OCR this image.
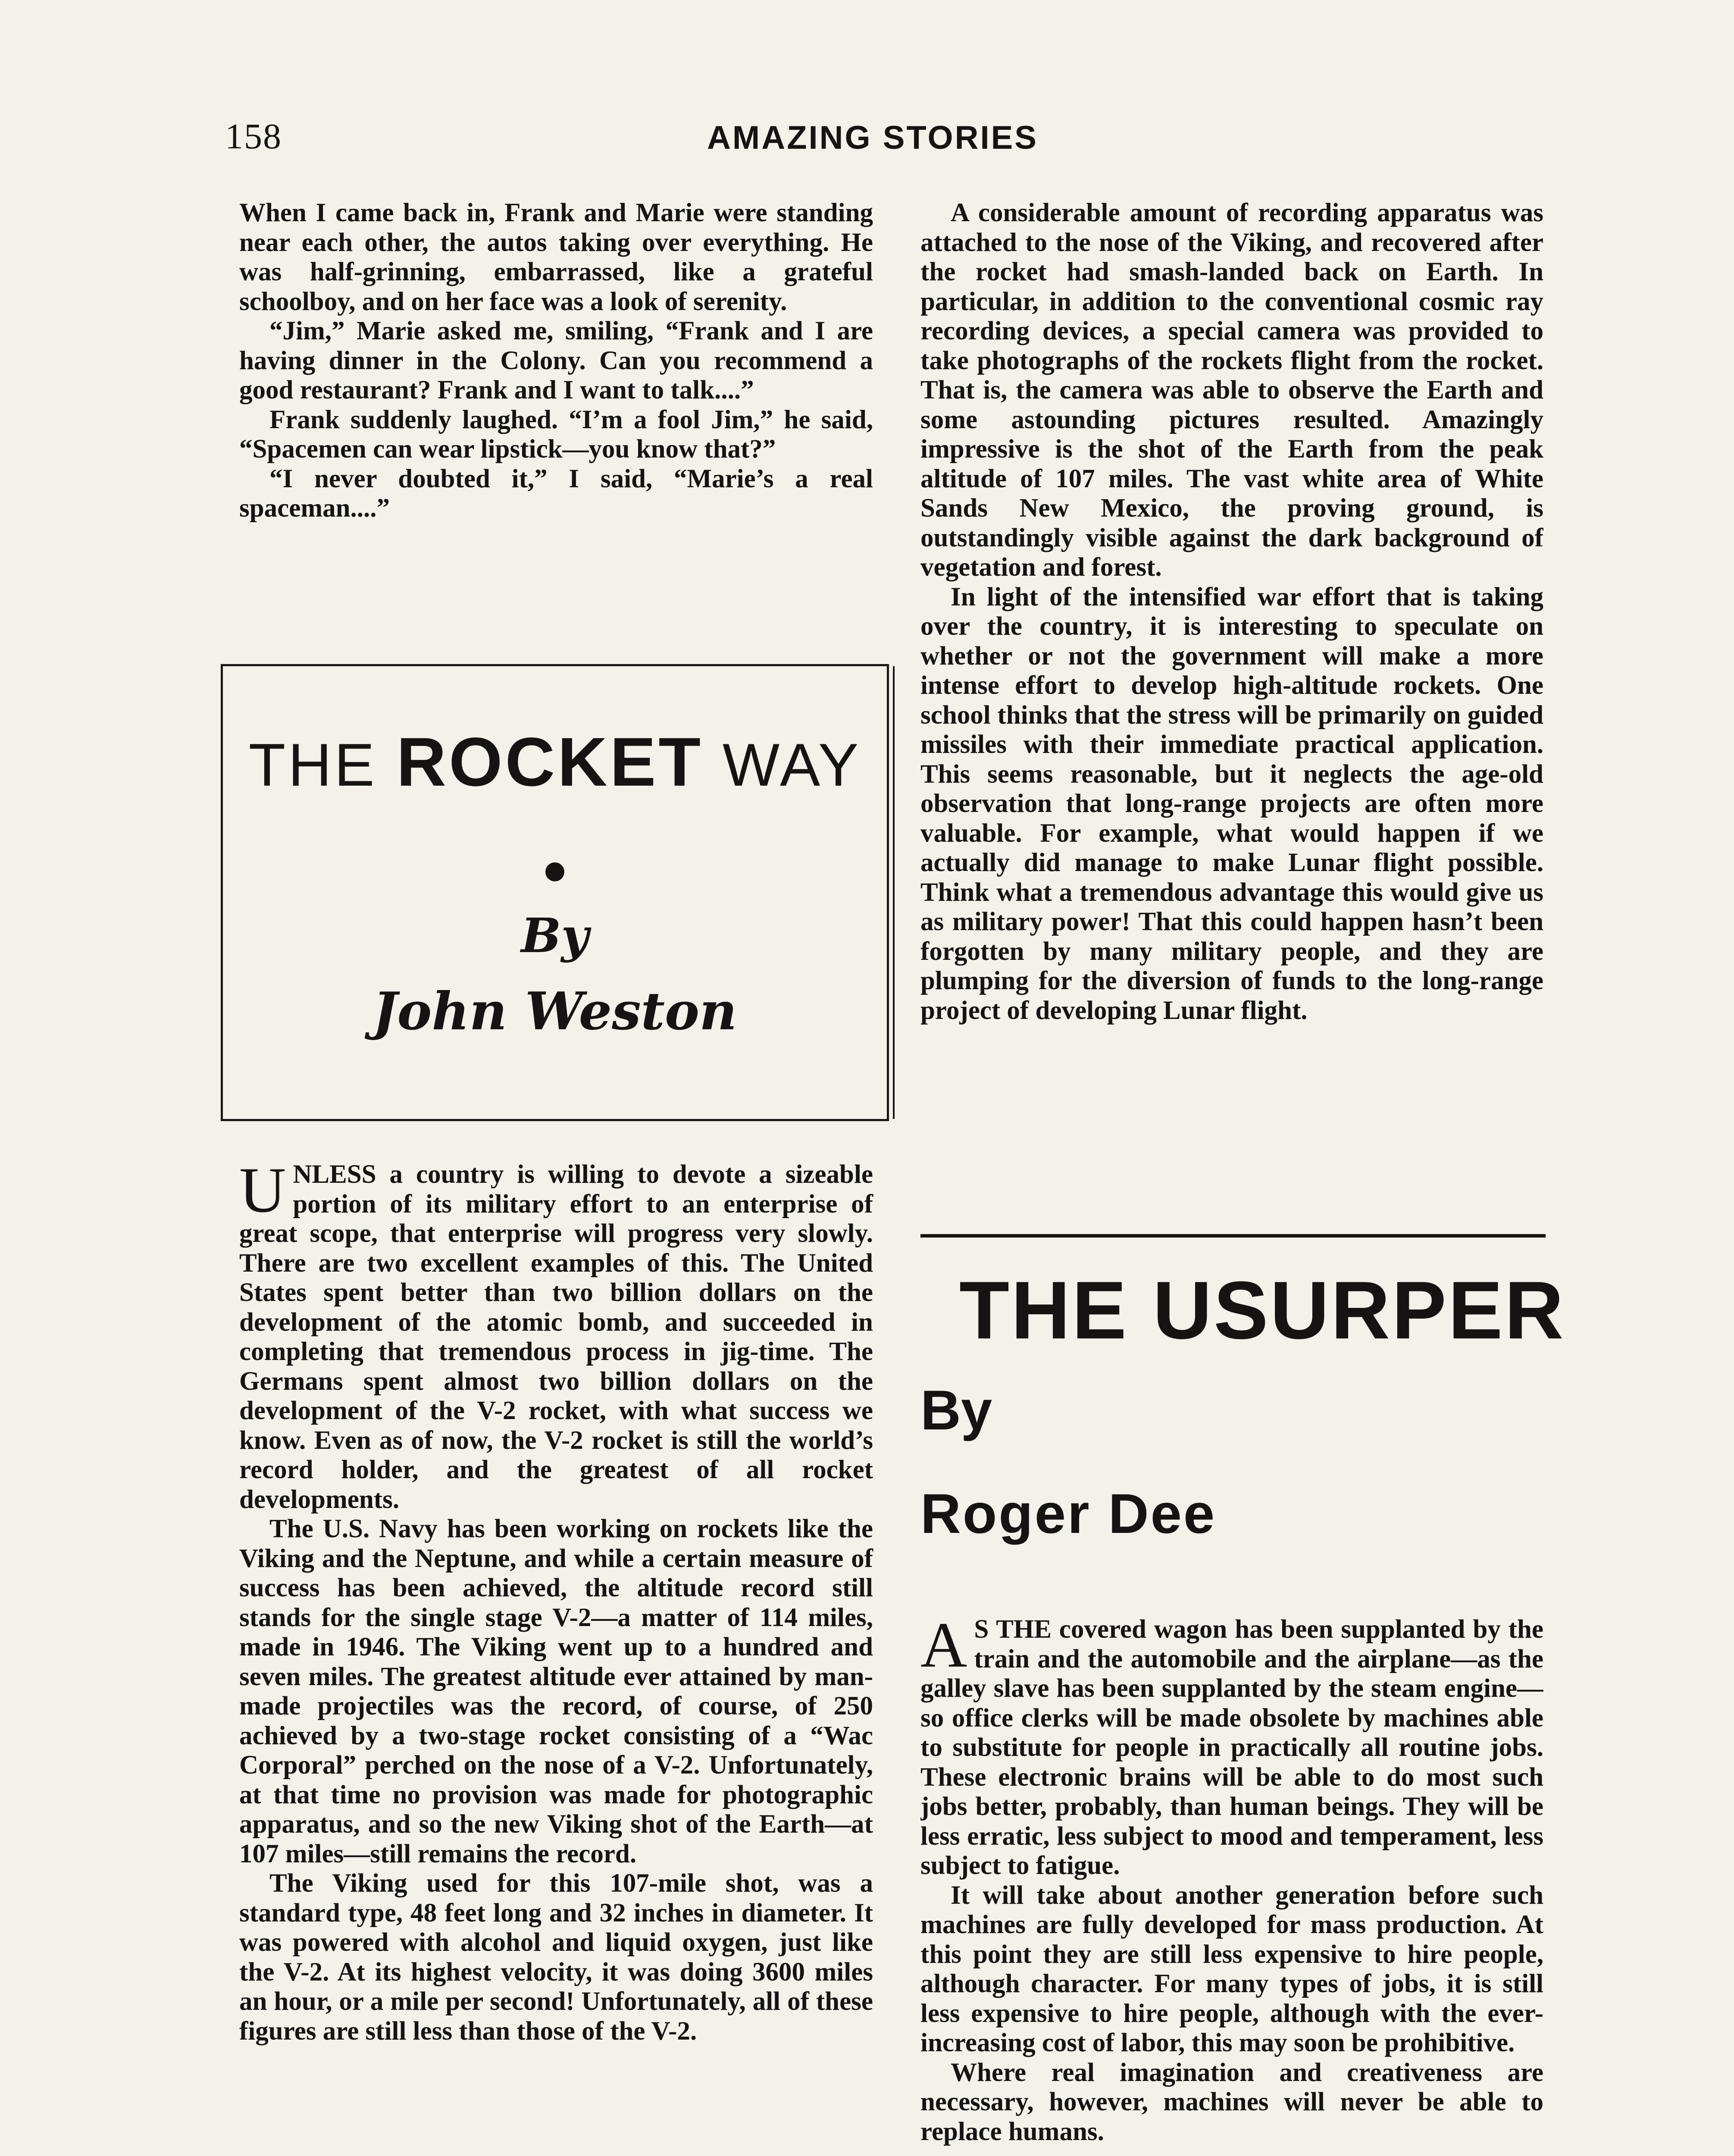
158	AMAZING STORIES

When I came back in, Frank and Marie were standing near each other, the autos taking over everything. He was half-grinning, embarrassed, like a grateful schoolboy, and on her face was a look of serenity.

“Jim,” Marie asked me, smiling, “Frank and I are having dinner in the Colony. Can you recommend a good restaurant? Frank and I want to talk....”

Frank suddenly laughed. “I’m a fool Jim,” he said, “Spacemen can wear lipstick—you know that?”

“I never doubted it,” I said, “Marie’s a real spaceman....”

THE ROCKET WAY
By
John Weston

UNLESS a country is willing to devote a sizeable portion of its military effort to an enterprise of great scope, that enterprise will progress very slowly. There are two excellent examples of this. The United States spent better than two billion dollars on the development of the atomic bomb, and succeeded in completing that tremendous process in jig-time. The Germans spent almost two billion dollars on the development of the V-2 rocket, with what success we know. Even as of now, the V-2 rocket is still the world’s record holder, and the greatest of all rocket developments.

The U.S. Navy has been working on rockets like the Viking and the Neptune, and while a certain measure of success has been achieved, the altitude record still stands for the single stage V-2—a matter of 114 miles, made in 1946. The Viking went up to a hundred and seven miles. The greatest altitude ever attained by man-made projectiles was the record, of course, of 250 achieved by a two-stage rocket consisting of a “Wac Corporal” perched on the nose of a V-2. Unfortunately, at that time no provision was made for photographic apparatus, and so the new Viking shot of the Earth—at 107 miles—still remains the record.

The Viking used for this 107-mile shot, was a standard type, 48 feet long and 32 inches in diameter. It was powered with alcohol and liquid oxygen, just like the V-2. At its highest velocity, it was doing 3600 miles an hour, or a mile per second! Unfortunately, all of these figures are still less than those of the V-2.

A considerable amount of recording apparatus was attached to the nose of the Viking, and recovered after the rocket had smash-landed back on Earth. In particular, in addition to the conventional cosmic ray recording devices, a special camera was provided to take photographs of the rockets flight from the rocket. That is, the camera was able to observe the Earth and some astounding pictures resulted. Amazingly impressive is the shot of the Earth from the peak altitude of 107 miles. The vast white area of White Sands New Mexico, the proving ground, is outstandingly visible against the dark background of vegetation and forest.

In light of the intensified war effort that is taking over the country, it is interesting to speculate on whether or not the government will make a more intense effort to develop high-altitude rockets. One school thinks that the stress will be primarily on guided missiles with their immediate practical application. This seems reasonable, but it neglects the age-old observation that long-range projects are often more valuable. For example, what would happen if we actually did manage to make Lunar flight possible. Think what a tremendous advantage this would give us as military power! That this could happen hasn’t been forgotten by many military people, and they are plumping for the diversion of funds to the long-range project of developing Lunar flight.

THE USURPER
By
Roger Dee

A S THE covered wagon has been supplanted by the train and the automobile and the airplane—as the galley slave has been supplanted by the steam engine—so office clerks will be made obsolete by machines able to substitute for people in practically all routine jobs. These electronic brains will be able to do most such jobs better, probably, than human beings. They will be less erratic, less subject to mood and temperament, less subject to fatigue.

It will take about another generation before such machines are fully developed for mass production. At this point they are still less expensive to hire people, although character. For many types of jobs, it is still less expensive to hire people, although with the ever-increasing cost of labor, this may soon be prohibitive.

Where real imagination and creativeness are necessary, however, machines will never be able to replace humans.
